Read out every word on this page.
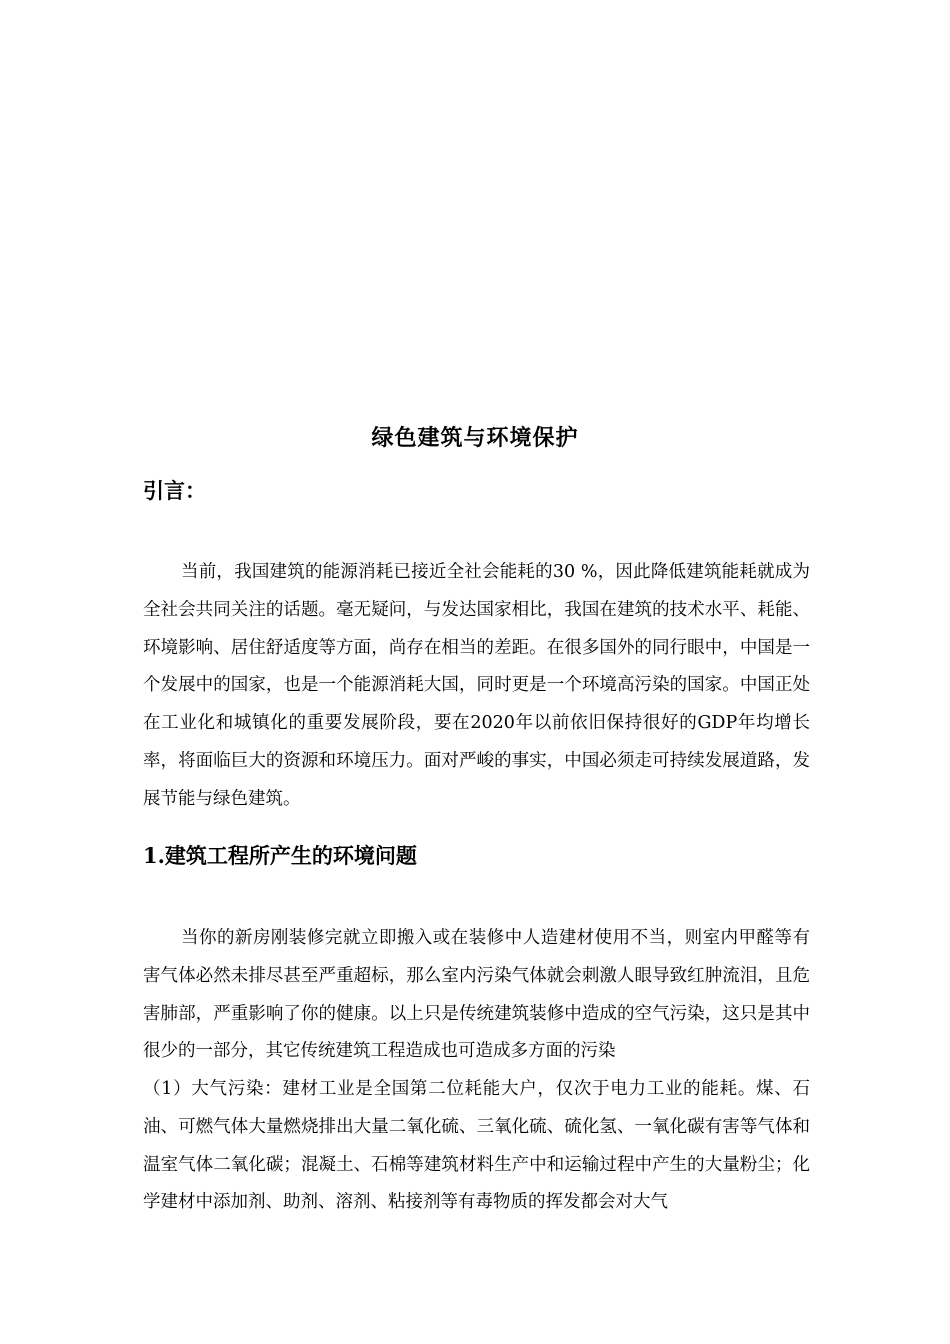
绿色建筑与环境保护
引言：

当前，我国建筑的能源消耗已接近全社会能耗的30 %，因此降低建筑能耗就成为全社会共同关注的话题。毫无疑问，与发达国家相比，我国在建筑的技术水平、耗能、环境影响、居住舒适度等方面，尚存在相当的差距。在很多国外的同行眼中，中国是一个发展中的国家，也是一个能源消耗大国，同时更是一个环境高污染的国家。中国正处在工业化和城镇化的重要发展阶段，要在2020年以前依旧保持很好的GDP年均增长率，将面临巨大的资源和环境压力。面对严峻的事实，中国必须走可持续发展道路，发展节能与绿色建筑。

1.建筑工程所产生的环境问题

当你的新房刚装修完就立即搬入或在装修中人造建材使用不当，则室内甲醛等有害气体必然未排尽甚至严重超标，那么室内污染气体就会刺激人眼导致红肿流泪，且危害肺部，严重影响了你的健康。以上只是传统建筑装修中造成的空气污染，这只是其中很少的一部分，其它传统建筑工程造成也可造成多方面的污染

（1）大气污染：建材工业是全国第二位耗能大户，仅次于电力工业的能耗。煤、石油、可燃气体大量燃烧排出大量二氧化硫、三氧化硫、硫化氢、一氧化碳有害等气体和温室气体二氧化碳；混凝土、石棉等建筑材料生产中和运输过程中产生的大量粉尘；化学建材中添加剂、助剂、溶剂、粘接剂等有毒物质的挥发都会对大气
